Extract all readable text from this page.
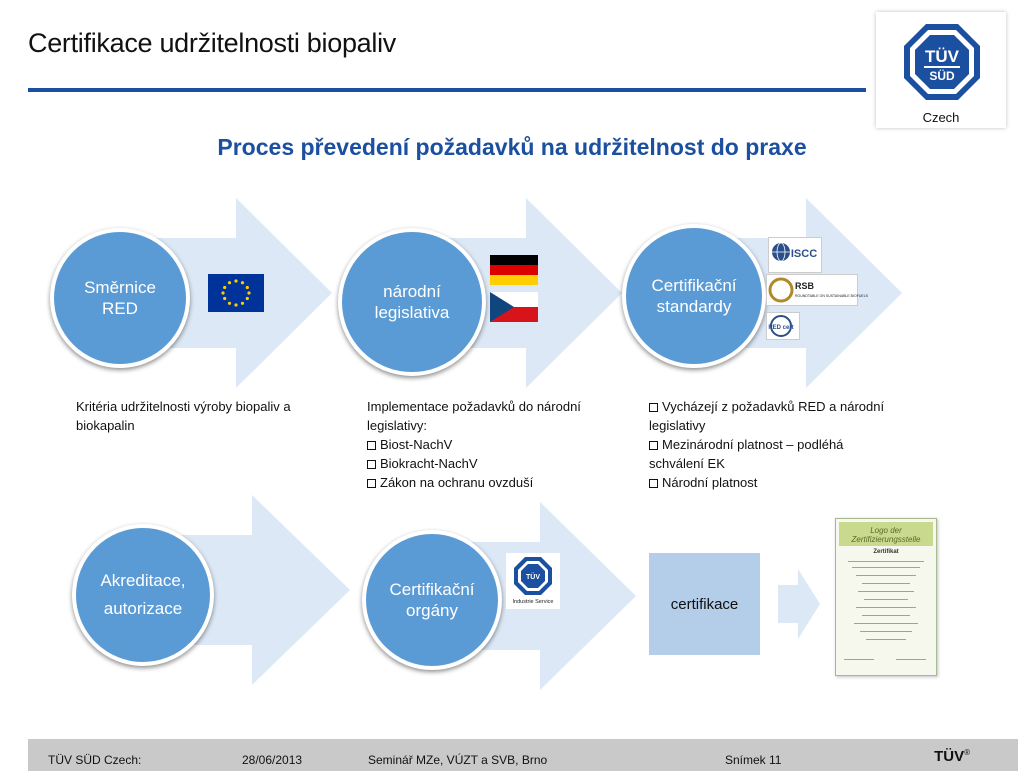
Certifikace udržitelnosti biopaliv	TÜV
SÜD
Czech
Proces převedení požadavků na udržitelnost do praxe
Směrnice
RED
národní
legislativa
Certifikační
standardy
Akreditace,
autorizace
Certifikační
orgány
ISCC
RSB
ROUNDTABLE ON SUSTAINABLE BIOFUELS
RED cert
TÜV
Industrie Service
Kritéria udržitelnosti výroby biopaliv a biokapalin
Implementace požadavků do národní legislativy:
Biost-NachV
Biokracht-NachV
Zákon na ochranu ovzduší
Vycházejí z požadavků RED a národní legislativy
Mezinárodní platnost – podléhá schválení EK
Národní platnost
certifikace
Logo der Zertifizierungsstelle
Zertifikat
TÜV SÜD Czech:	28/06/2013	Seminář MZe, VÚZT a SVB, Brno	Snímek 11	TÜV®
